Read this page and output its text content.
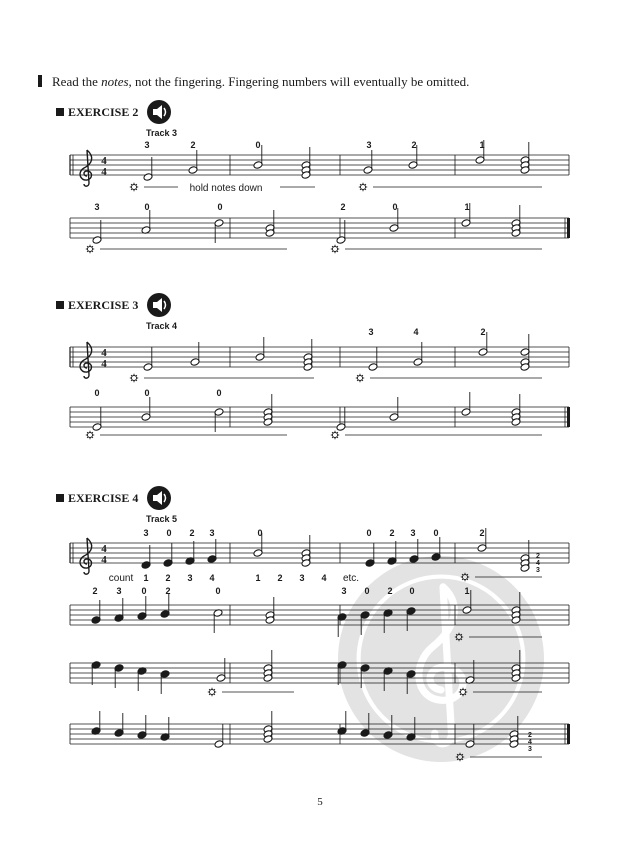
Read the notes, not the fingering. Fingering numbers will eventually be omitted.
EXERCISE 2
EXERCISE 3
EXERCISE 4
Track 3
Track 4
Track 5
4
4
3	2	0	3	2	1
hold notes down
3	0	0	2	0	1
4
4
3	4	2
0	0	0
4
4
3 0 2 3	0	0 2 3 0	2
2
4
3
count 1 2 3 4	1 2 3 4 etc.
2 3 0 2	0	3 0 2 0	1
2
4
3
5
